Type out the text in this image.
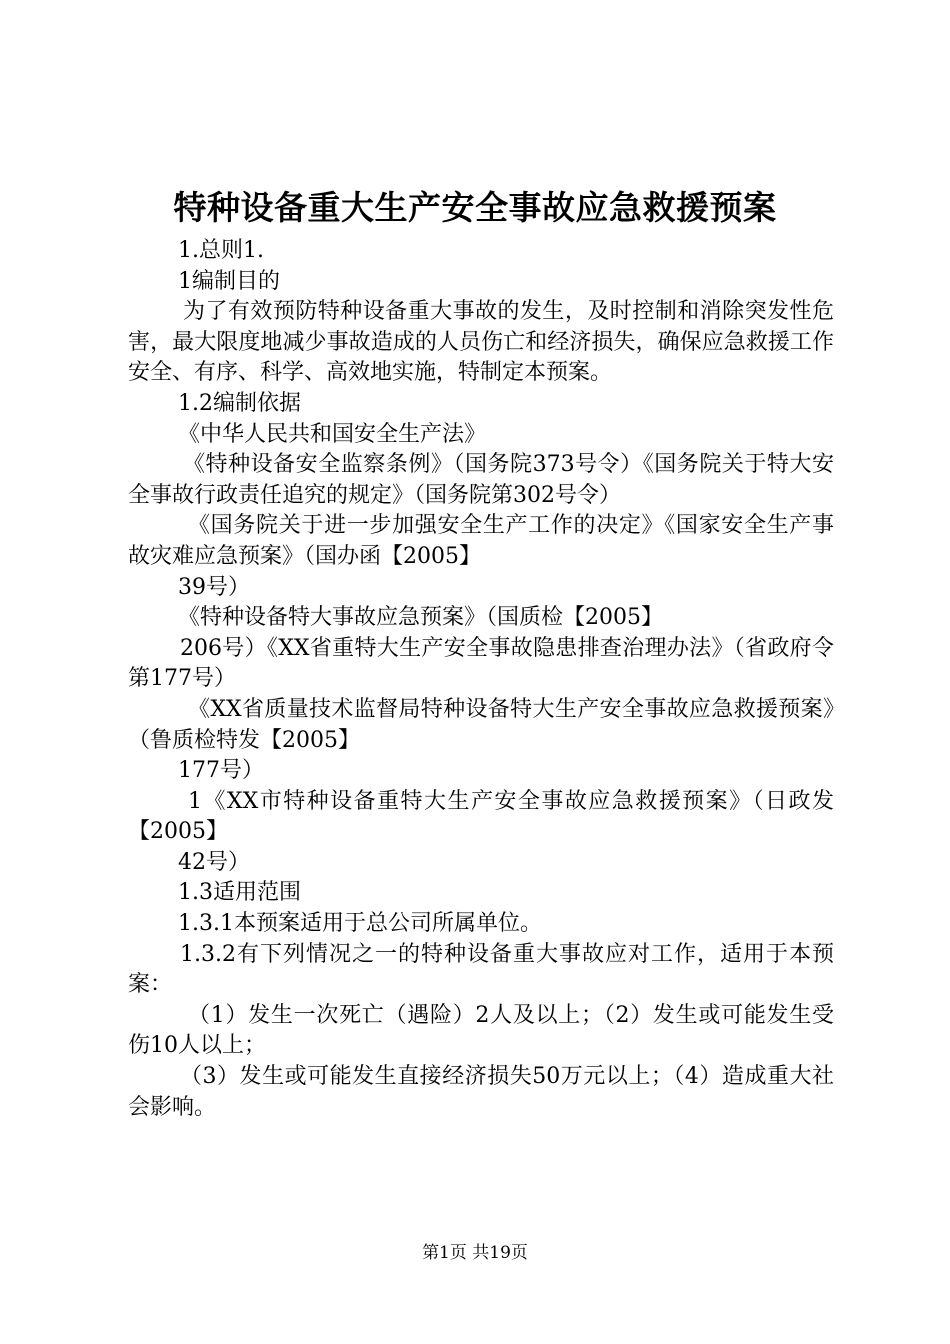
特种设备重大生产安全事故应急救援预案

1.总则1.

1编制目的

为了有效预防特种设备重大事故的发生，及时控制和消除突发性危害，最大限度地减少事故造成的人员伤亡和经济损失，确保应急救援工作安全、有序、科学、高效地实施，特制定本预案。

1.2编制依据

《中华人民共和国安全生产法》

《特种设备安全监察条例》（国务院373号令）《国务院关于特大安全事故行政责任追究的规定》（国务院第302号令）

《国务院关于进一步加强安全生产工作的决定》《国家安全生产事故灾难应急预案》（国办函【2005】

39号）

《特种设备特大事故应急预案》（国质检【2005】

206号）《XX省重特大生产安全事故隐患排查治理办法》（省政府令第177号）

《XX省质量技术监督局特种设备特大生产安全事故应急救援预案》（鲁质检特发【2005】

177号）

1《XX市特种设备重特大生产安全事故应急救援预案》（日政发【2005】

42号）

1.3适用范围

1.3.1本预案适用于总公司所属单位。

1.3.2有下列情况之一的特种设备重大事故应对工作，适用于本预案：

（1）发生一次死亡（遇险）2人及以上；（2）发生或可能发生受伤10人以上；

（3）发生或可能发生直接经济损失50万元以上；（4）造成重大社会影响。

第1页 共19页
